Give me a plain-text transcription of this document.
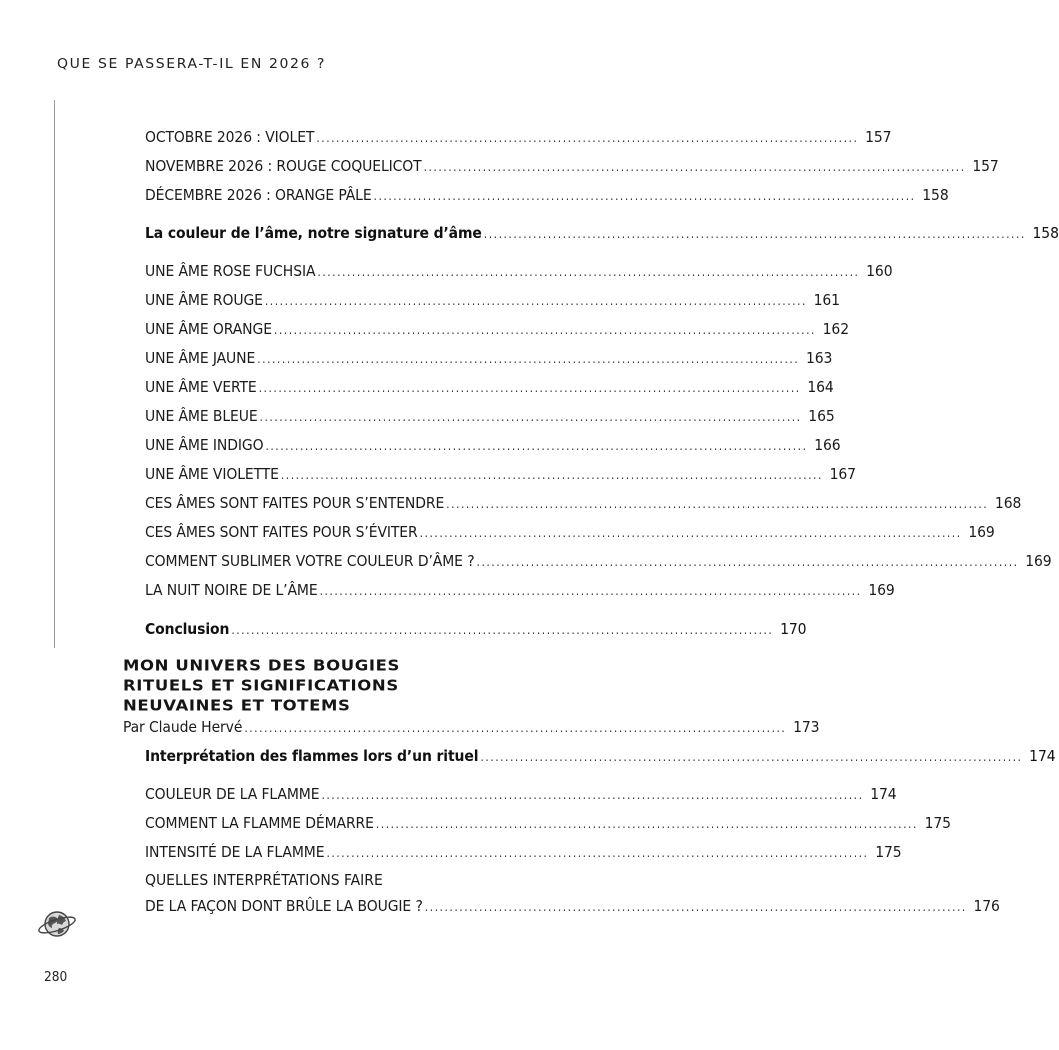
QUE SE PASSERA-T-IL EN 2026 ?
OCTOBRE 2026 : VIOLET .............................................................................................................. 157
NOVEMBRE 2026 : ROUGE COQUELICOT .............................................................................................................. 157
DÉCEMBRE 2026 : ORANGE PÂLE .............................................................................................................. 158
La couleur de l’âme, notre signature d’âme .............................................................................................................. 158
UNE ÂME ROSE FUCHSIA .............................................................................................................. 160
UNE ÂME ROUGE .............................................................................................................. 161
UNE ÂME ORANGE .............................................................................................................. 162
UNE ÂME JAUNE .............................................................................................................. 163
UNE ÂME VERTE .............................................................................................................. 164
UNE ÂME BLEUE .............................................................................................................. 165
UNE ÂME INDIGO .............................................................................................................. 166
UNE ÂME VIOLETTE .............................................................................................................. 167
CES ÂMES SONT FAITES POUR S’ENTENDRE .............................................................................................................. 168
CES ÂMES SONT FAITES POUR S’ÉVITER .............................................................................................................. 169
COMMENT SUBLIMER VOTRE COULEUR D’ÂME ? .............................................................................................................. 169
LA NUIT NOIRE DE L’ÂME .............................................................................................................. 169
Conclusion .............................................................................................................. 170
MON UNIVERS DES BOUGIES
RITUELS ET SIGNIFICATIONS
NEUVAINES ET TOTEMS
Par Claude Hervé .............................................................................................................. 173
Interprétation des flammes lors d’un rituel .............................................................................................................. 174
COULEUR DE LA FLAMME .............................................................................................................. 174
COMMENT LA FLAMME DÉMARRE .............................................................................................................. 175
INTENSITÉ DE LA FLAMME .............................................................................................................. 175
QUELLES INTERPRÉTATIONS FAIRE
DE LA FAÇON DONT BRÛLE LA BOUGIE ? .............................................................................................................. 176
280
